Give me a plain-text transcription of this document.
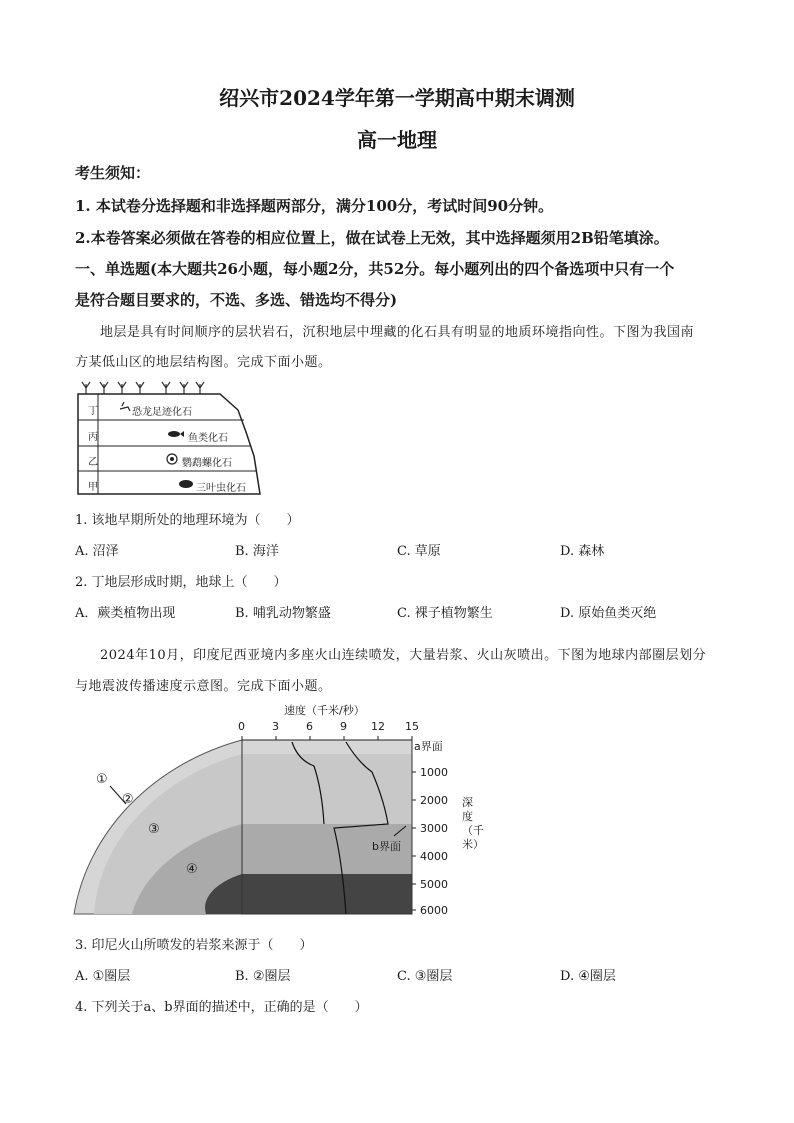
绍兴市2024学年第一学期高中期末调测
高一地理
考生须知：
1. 本试卷分选择题和非选择题两部分，满分100分，考试时间90分钟。
2.本卷答案必须做在答卷的相应位置上，做在试卷上无效，其中选择题须用2B铅笔填涂。
一、单选题(本大题共26小题，每小题2分，共52分。每小题列出的四个备选项中只有一个
是符合题目要求的，不选、多选、错选均不得分)
地层是具有时间顺序的层状岩石，沉积地层中埋藏的化石具有明显的地质环境指向性。下图为我国南
方某低山区的地层结构图。完成下面小题。
丁
丙
乙
甲
恐龙足迹化石
鱼类化石
鹦鹉螺化石
三叶虫化石
1. 该地早期所处的地理环境为（　　）
A. 沼泽	B. 海洋	C. 草原	D. 森林
2. 丁地层形成时期，地球上（　　）
A．蕨类植物出现	B. 哺乳动物繁盛	C. 裸子植物繁生	D. 原始鱼类灭绝
2024年10月，印度尼西亚境内多座火山连续喷发，大量岩浆、火山灰喷出。下图为地球内部圈层划分
与地震波传播速度示意图。完成下面小题。
速度（千米/秒）
0 3 6 9 12 15
a界面
1000
2000
3000
4000
5000
6000
深度（千米）
b界面
①
②
③
④
3. 印尼火山所喷发的岩浆来源于（　　）
A. ①圈层	B. ②圈层	C. ③圈层	D. ④圈层
4. 下列关于a、b界面的描述中，正确的是（　　）
